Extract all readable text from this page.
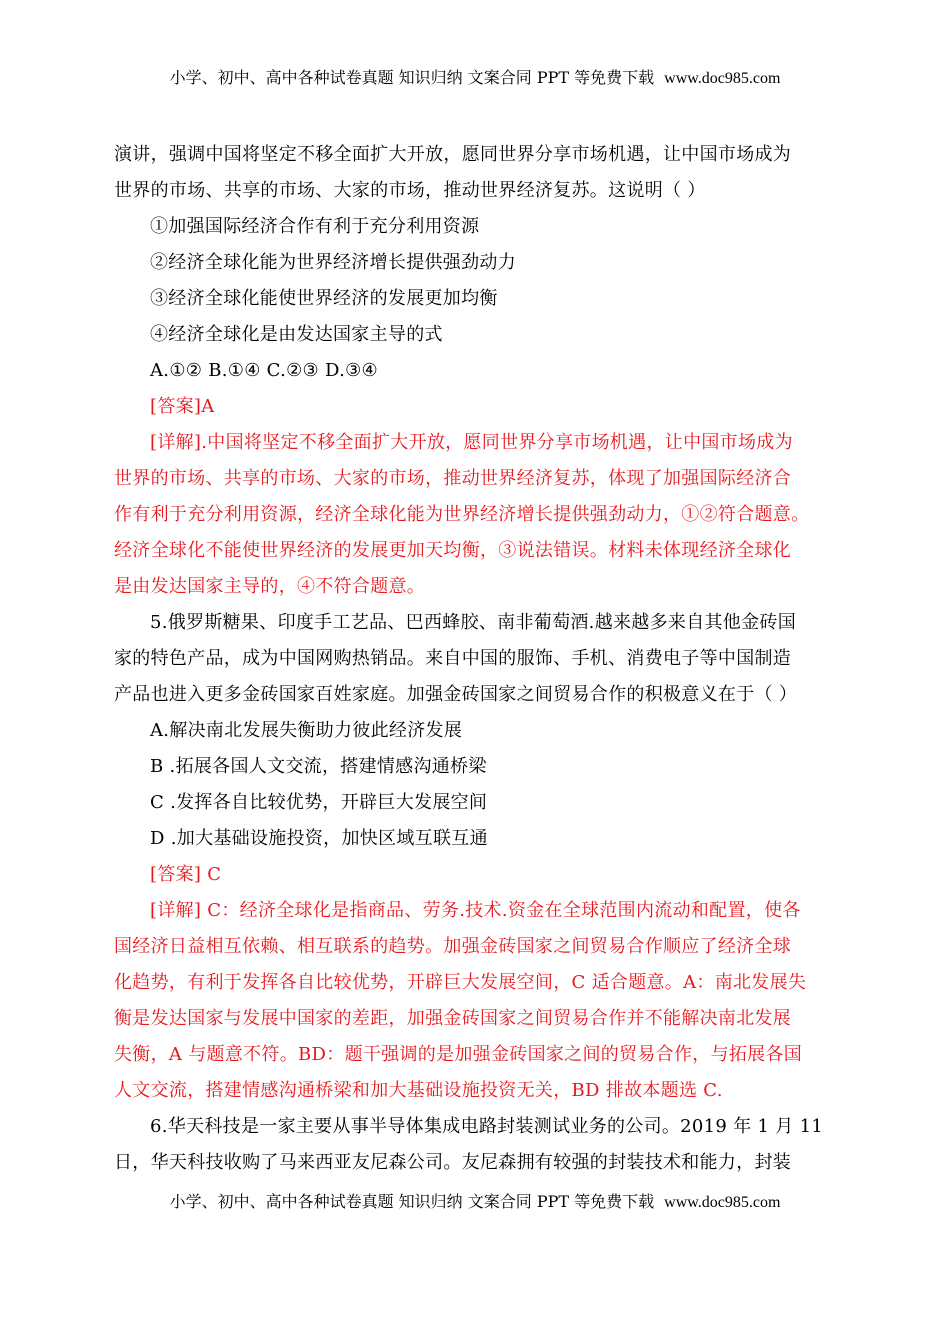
小学、初中、高中各种试卷真题 知识归纳 文案合同 PPT 等免费下载 www.doc985.com

演讲，强调中国将坚定不移全面扩大开放，愿同世界分享市场机遇，让中国市场成为

世界的市场、共享的市场、大家的市场，推动世界经济复苏。这说明（ ）

①加强国际经济合作有利于充分利用资源

②经济全球化能为世界经济增长提供强劲动力

③经济全球化能使世界经济的发展更加均衡

④经济全球化是由发达国家主导的式

A.①② B.①④ C.②③ D.③④

[答案]A

[详解].中国将坚定不移全面扩大开放，愿同世界分享市场机遇，让中国市场成为

世界的市场、共享的市场、大家的市场，推动世界经济复苏，体现了加强国际经济合

作有利于充分利用资源，经济全球化能为世界经济增长提供强劲动力，①②符合题意。

经济全球化不能使世界经济的发展更加天均衡，③说法错误。材料未体现经济全球化

是由发达国家主导的，④不符合题意。

5.俄罗斯糖果、印度手工艺品、巴西蜂胶、南非葡萄酒.越来越多来自其他金砖国

家的特色产品，成为中国网购热销品。来自中国的服饰、手机、消费电子等中国制造

产品也进入更多金砖国家百姓家庭。加强金砖国家之间贸易合作的积极意义在于（ ）

A.解决南北发展失衡助力彼此经济发展

B .拓展各国人文交流，搭建情感沟通桥梁

C .发挥各自比较优势，开辟巨大发展空间

D .加大基础设施投资，加快区域互联互通

[答案] C

[详解] C：经济全球化是指商品、劳务.技术.资金在全球范围内流动和配置，使各

国经济日益相互依赖、相互联系的趋势。加强金砖国家之间贸易合作顺应了经济全球

化趋势，有利于发挥各自比较优势，开辟巨大发展空间，C 适合题意。A：南北发展失

衡是发达国家与发展中国家的差距，加强金砖国家之间贸易合作并不能解决南北发展

失衡，A 与题意不符。BD：题干强调的是加强金砖国家之间的贸易合作，与拓展各国

人文交流，搭建情感沟通桥梁和加大基础设施投资无关，BD 排故本题选 C.

6.华天科技是一家主要从事半导体集成电路封装测试业务的公司。2019 年 1 月 11

日，华天科技收购了马来西亚友尼森公司。友尼森拥有较强的封装技术和能力，封装

小学、初中、高中各种试卷真题 知识归纳 文案合同 PPT 等免费下载 www.doc985.com
